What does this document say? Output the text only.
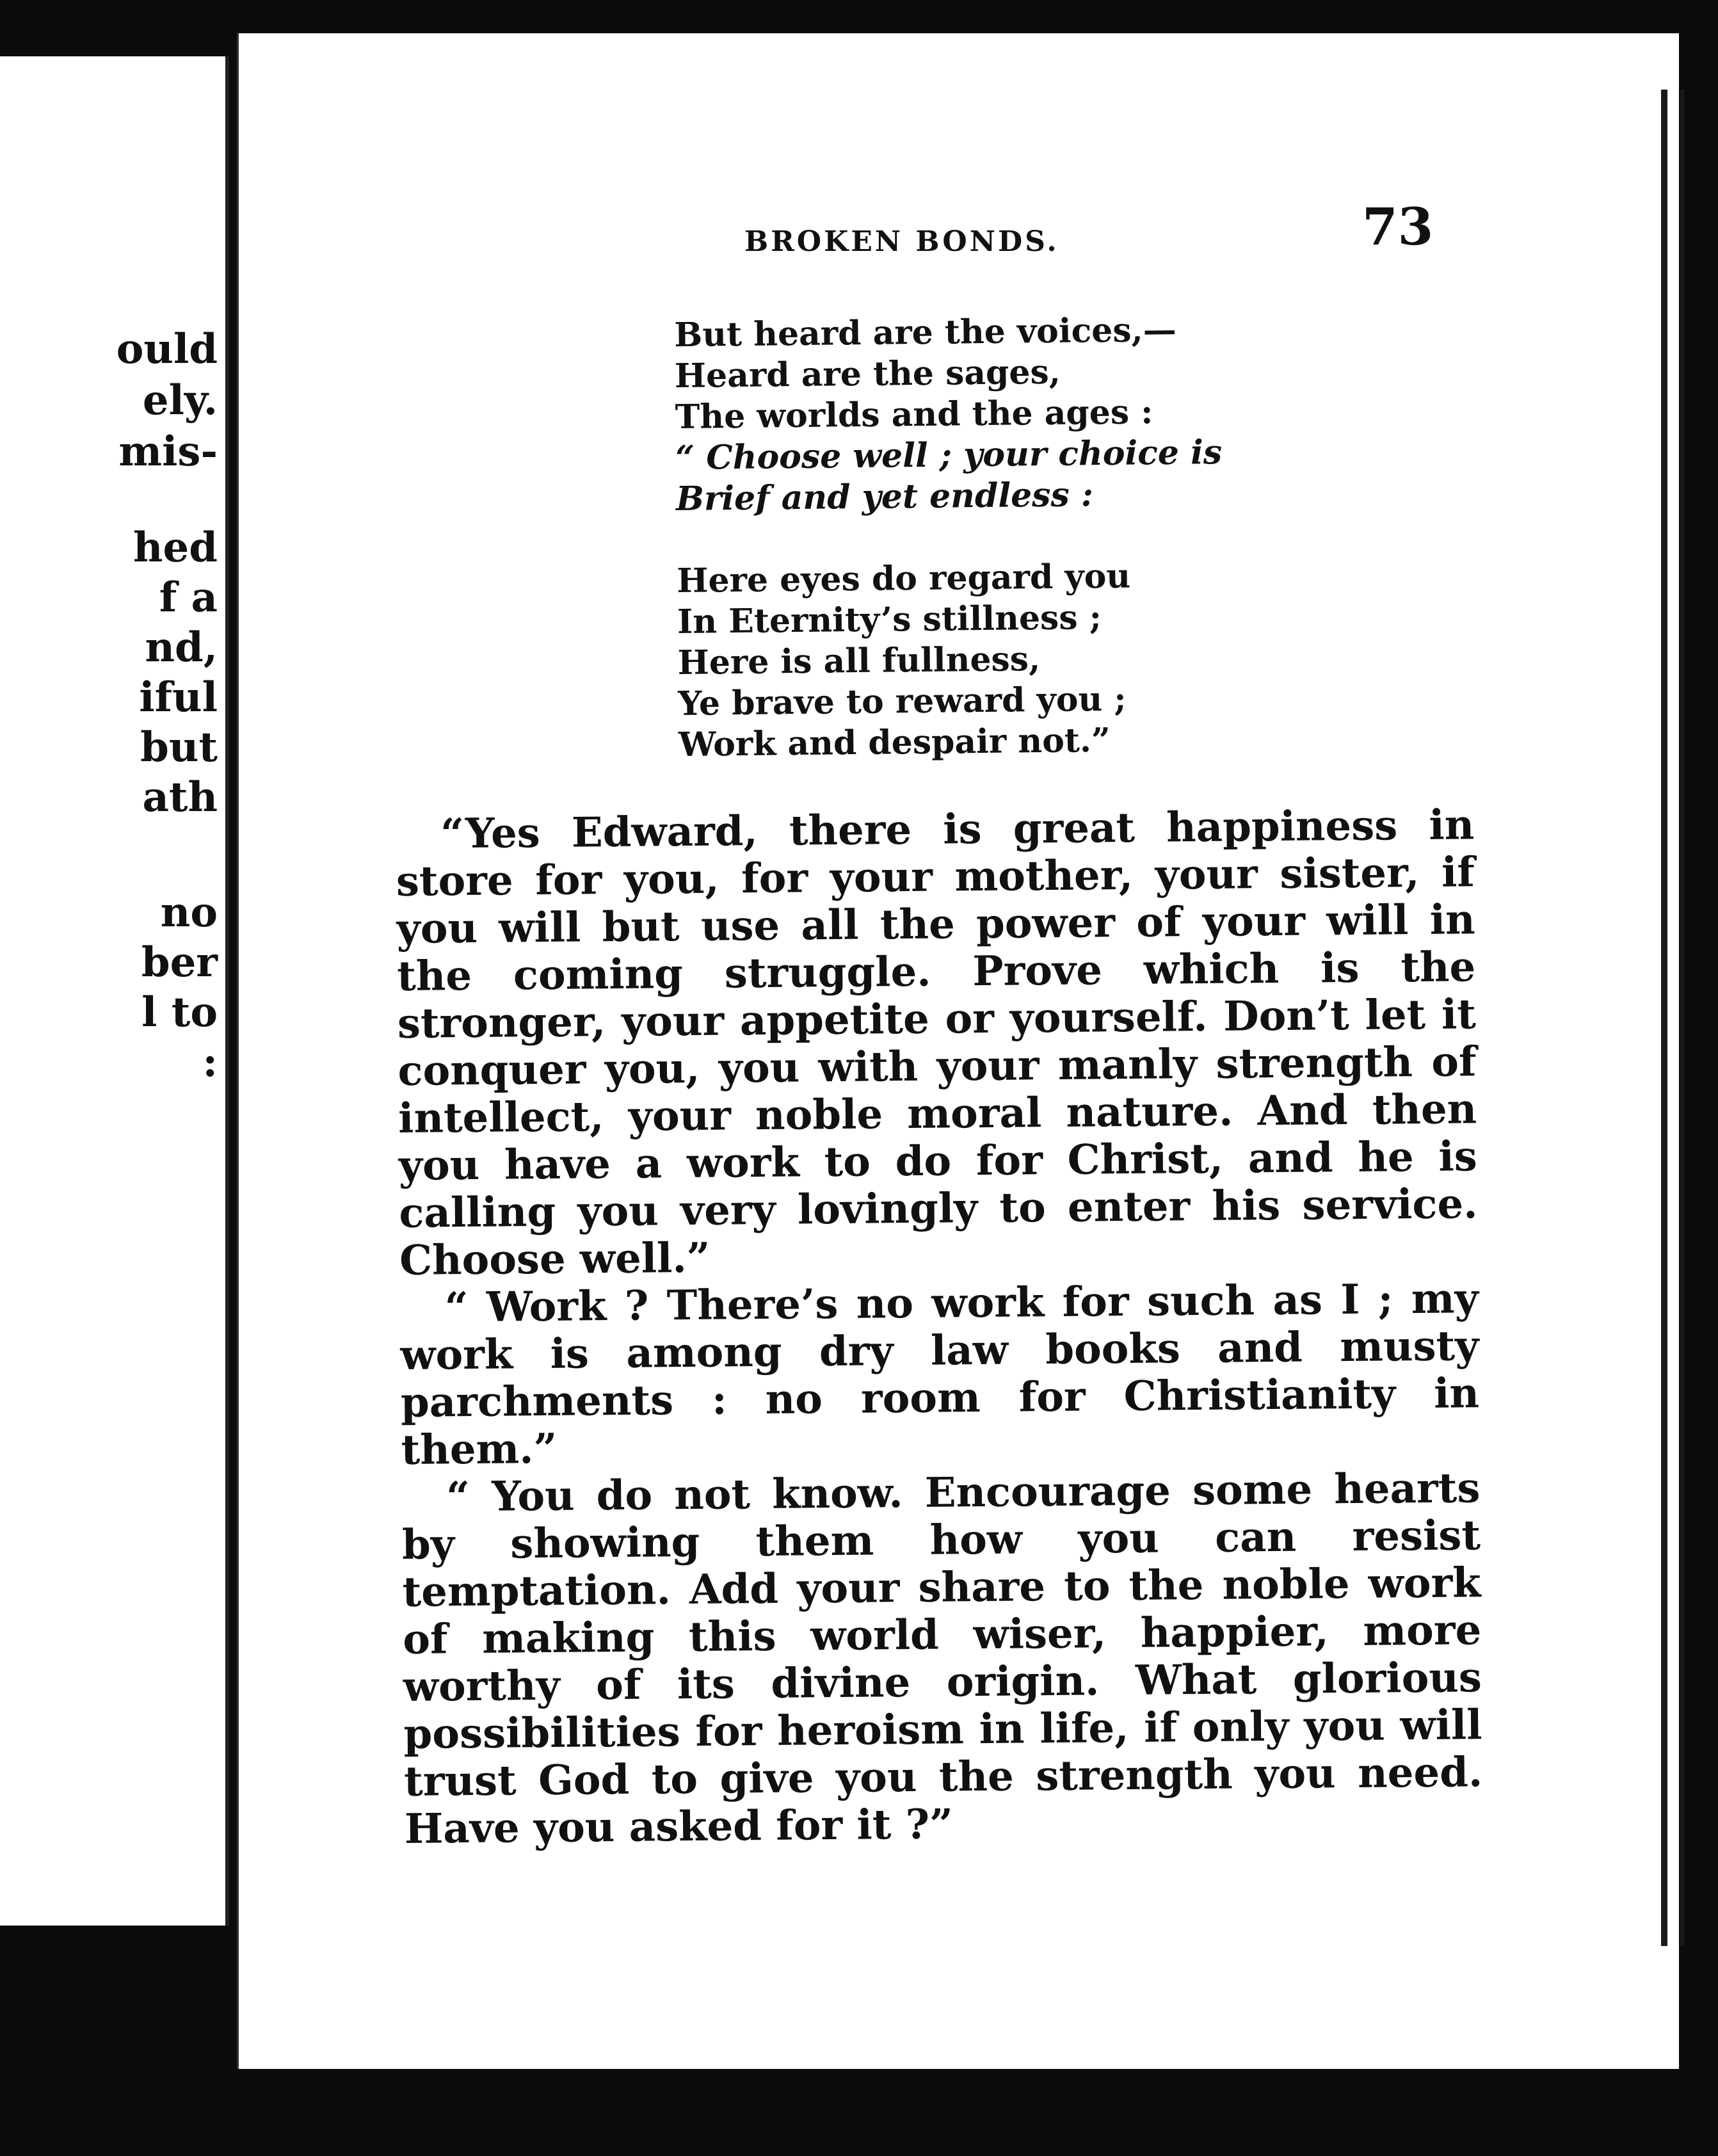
ould
ely.
mis-
hed
f a
nd,
iful
but
ath
no
ber
l to
:
BROKEN BONDS.	73
But heard are the voices,—
Heard are the sages,
The worlds and the ages :
“ Choose well ; your choice is
Brief and yet endless :
Here eyes do regard you
In Eternity’s stillness ;
Here is all fullness,
Ye brave to reward you ;
Work and despair not.”

“Yes Edward, there is great happiness in store for you, for your mother, your sister, if you will but use all the power of your will in the coming struggle. Prove which is the stronger, your appetite or yourself. Don’t let it conquer you, you with your manly strength of intellect, your noble moral nature. And then you have a work to do for Christ, and he is calling you very lovingly to enter his service. Choose well.”

“ Work ? There’s no work for such as I ; my work is among dry law books and musty parchments : no room for Christianity in them.”

“ You do not know. Encourage some hearts by showing them how you can resist temptation. Add your share to the noble work of making this world wiser, happier, more worthy of its divine origin. What glorious possibilities for heroism in life, if only you will trust God to give you the strength you need. Have you asked for it ?”
